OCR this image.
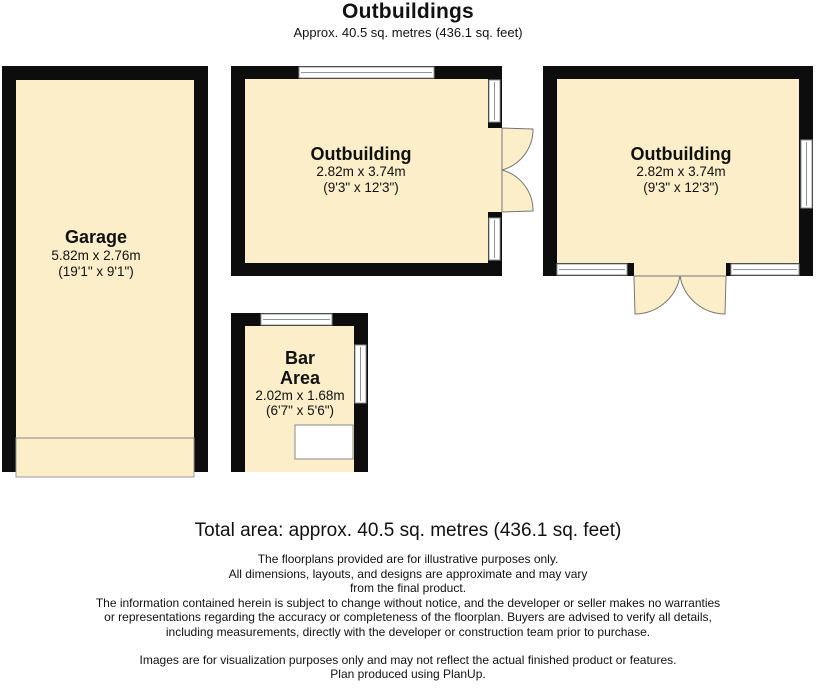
Outbuildings
Approx. 40.5 sq. metres (436.1 sq. feet)
Garage
5.82m x 2.76m
(19'1" x 9'1")
Outbuilding
2.82m x 3.74m
(9'3" x 12'3")
Outbuilding
2.82m x 3.74m
(9'3" x 12'3")
Bar
Area
2.02m x 1.68m
(6'7" x 5'6")
Total area: approx. 40.5 sq. metres (436.1 sq. feet)
The floorplans provided are for illustrative purposes only.
All dimensions, layouts, and designs are approximate and may vary
from the final product.
The information contained herein is subject to change without notice, and the developer or seller makes no warranties
or representations regarding the accuracy or completeness of the floorplan. Buyers are advised to verify all details,
including measurements, directly with the developer or construction team prior to purchase.
Images are for visualization purposes only and may not reflect the actual finished product or features.
Plan produced using PlanUp.
